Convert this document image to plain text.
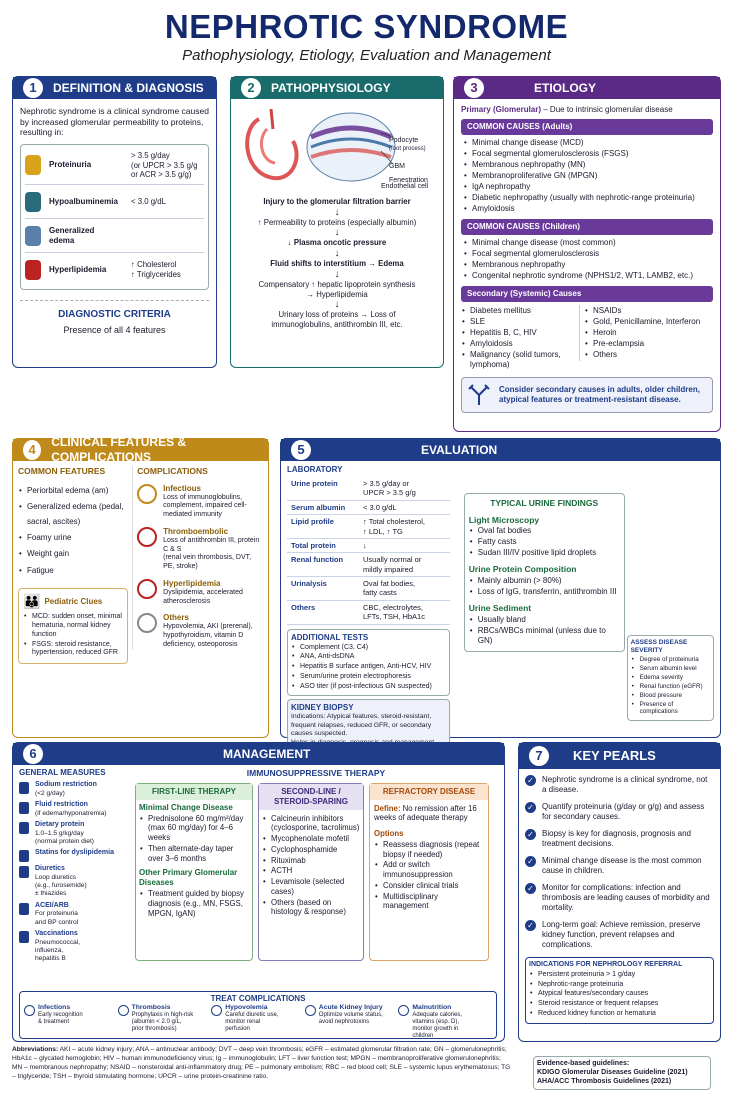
NEPHROTIC SYNDROME
Pathophysiology, Etiology, Evaluation and Management
1	DEFINITION & DIAGNOSIS
Nephrotic syndrome is a clinical syndrome caused by increased glomerular permeability to proteins, resulting in:
Proteinuria
> 3.5 g/day
(or UPCR > 3.5 g/g
or ACR > 3.5 g/g)
Hypoalbuminemia < 3.0 g/dL
Generalized edema
Hyperlipidemia
↑ Cholesterol
↑ Triglycerides
DIAGNOSTIC CRITERIA
Presence of all 4 features
2	PATHOPHYSIOLOGY
Podocyte
(foot process)
GBM
Endothelial cell
Fenestration
Injury to the glomerular filtration barrier
↓
↑ Permeability to proteins (especially albumin)
↓
↓ Plasma oncotic pressure
↓
Fluid shifts to interstitium → Edema
↓
Compensatory ↑ hepatic lipoprotein synthesis
→ Hyperlipidemia
↓
Urinary loss of proteins → Loss of
immunoglobulins, antithrombin III, etc.
3	ETIOLOGY
Primary (Glomerular) – Due to intrinsic glomerular disease
COMMON CAUSES (Adults)
• Minimal change disease (MCD)
• Focal segmental glomerulosclerosis (FSGS)
• Membranous nephropathy (MN)
• Membranoproliferative GN (MPGN)
• IgA nephropathy
• Diabetic nephropathy (usually with nephrotic-range proteinuria)
• Amyloidosis
COMMON CAUSES (Children)
• Minimal change disease (most common)
• Focal segmental glomerulosclerosis
• Membranous nephropathy
• Congenital nephrotic syndrome (NPHS1/2, WT1, LAMB2, etc.)
Secondary (Systemic) Causes
• Diabetes mellitus
• SLE
• Hepatitis B, C, HIV
• Amyloidosis
• Malignancy (solid tumors, lymphoma)
• NSAIDs
• Gold, Penicillamine, Interferon
• Heroin
• Pre-eclampsia
• Others
Consider secondary causes in adults, older children, atypical features or treatment-resistant disease.
4	CLINICAL FEATURES & COMPLICATIONS
COMMON FEATURES
• Periorbital edema (am)
• Generalized edema (pedal, sacral, ascites)
• Foamy urine
• Weight gain
• Fatigue
👪 Pediatric Clues
• MCD: sudden onset, minimal hematuria, normal kidney function
• FSGS: steroid resistance, hypertension, reduced GFR
COMPLICATIONS
Infectious
Loss of immunoglobulins, complement, impaired cell-mediated immunity
Thromboembolic
Loss of antithrombin III, protein C & S
(renal vein thrombosis, DVT, PE, stroke)
Hyperlipidemia
Dyslipidemia, accelerated atherosclerosis
Others
Hypovolemia, AKI (prerenal), hypothyroidism, vitamin D deficiency, osteoporosis
5	EVALUATION
LABORATORY
Urine protein	> 3.5 g/day or
UPCR > 3.5 g/g
Serum albumin	< 3.0 g/dL
Lipid profile	↑ Total cholesterol,
↑ LDL, ↑ TG
Total protein	↓
Renal function	Usually normal or
mildly impaired
Urinalysis	Oval fat bodies,
fatty casts
Others	CBC, electrolytes,
LFTs, TSH, HbA1c
ADDITIONAL TESTS
• Complement (C3, C4)
• ANA, Anti-dsDNA
• Hepatitis B surface antigen, Anti-HCV, HIV
• Serum/urine protein electrophoresis
• ASO titer (if post-infectious GN suspected)
KIDNEY BIOPSY
Indications: Atypical features, steroid-resistant, frequent relapses, reduced GFR, or secondary causes suspected.

TYPICAL URINE FINDINGS
Light Microscopy
• Oval fat bodies
• Fatty casts
• Sudan III/IV positive lipid droplets
Urine Protein Composition
• Mainly albumin (> 80%)
• Loss of IgG, transferrin, antithrombin III
Urine Sediment
• Usually bland
• RBCs/WBCs minimal (unless due to GN)	ASSESS DISEASE SEVERITY
• Degree of proteinuria
• Serum albumin level
• Edema severity
• Renal function (eGFR)
• Blood pressure
• Presence of complications
6	MANAGEMENT
GENERAL MEASURES
Sodium restriction
(<2 g/day)
Fluid restriction
(if edema/hyponatremia)
Dietary protein
1.0–1.5 g/kg/day
(normal protein diet)
Statins for dyslipidemia
Diuretics
Loop diuretics
(e.g., furosemide)
± thiazides
ACEI/ARB
For proteinuria
and BP control
Vaccinations
Pneumococcal,
influenza,
hepatitis B
IMMUNOSUPPRESSIVE THERAPY
FIRST-LINE THERAPY
Minimal Change Disease
• Prednisolone 60 mg/m²/day (max 60 mg/day) for 4–6 weeks
• Then alternate-day taper over 3–6 months
Other Primary Glomerular Diseases
• Treatment guided by biopsy diagnosis (e.g., MN, FSGS, MPGN, IgAN)
SECOND-LINE /
STEROID-SPARING
• Calcineurin inhibitors (cyclosporine, tacrolimus)
• Mycophenolate mofetil
• Cyclophosphamide
• Rituximab
• ACTH
• Levamisole (selected cases)
• Others (based on histology & response)
REFRACTORY DISEASE
Define: No remission after 16 weeks of adequate therapy
Options
• Reassess diagnosis (repeat biopsy if needed)
• Add or switch immunosuppression
• Consider clinical trials
• Multidisciplinary management
TREAT COMPLICATIONS
Infections
Early recognition
& treatment
Thrombosis
Prophylaxis in high-risk
(albumin < 2.0 g/L,
prior thrombosis)
Hypovolemia
Careful diuretic use,
monitor renal
perfusion
Acute Kidney Injury
Optimize volume status,
avoid nephrotoxins
Malnutrition
Adequate calories,
vitamins (esp. D),
monitor growth in
children
7	KEY PEARLS
✓ Nephrotic syndrome is a clinical syndrome, not a disease.
✓ Quantify proteinuria (g/day or g/g) and assess for secondary causes.
✓ Biopsy is key for diagnosis, prognosis and treatment decisions.
✓ Minimal change disease is the most common cause in children.
✓ Monitor for complications: infection and thrombosis are leading causes of morbidity and mortality.
✓ Long-term goal: Achieve remission, preserve kidney function, prevent relapses and complications.
INDICATIONS FOR NEPHROLOGY REFERRAL
• Persistent proteinuria > 1 g/day
• Nephrotic-range proteinuria
• Atypical features/secondary causes
• Steroid resistance or frequent relapses
• Reduced kidney function or hematuria
Abbreviations: AKI – acute kidney injury; ANA – antinuclear antibody; DVT – deep vein thrombosis; eGFR – estimated glomerular filtration rate; GN – glomerulonephritis; HbA1c – glycated hemoglobin; HIV – human immunodeficiency virus; Ig – immunoglobulin; LFT – liver function test; MPGN – membranoproliferative glomerulonephritis; MN – membranous nephropathy; NSAID – nonsteroidal anti-inflammatory drug; PE – pulmonary embolism; RBC – red blood cell; SLE – systemic lupus erythematosus; TG – triglyceride; TSH – thyroid stimulating hormone; UPCR – urine protein-creatinine ratio.
Evidence-based guidelines:
KDIGO Glomerular Diseases Guideline (2021)
AHA/ACC Thrombosis Guidelines (2021)
